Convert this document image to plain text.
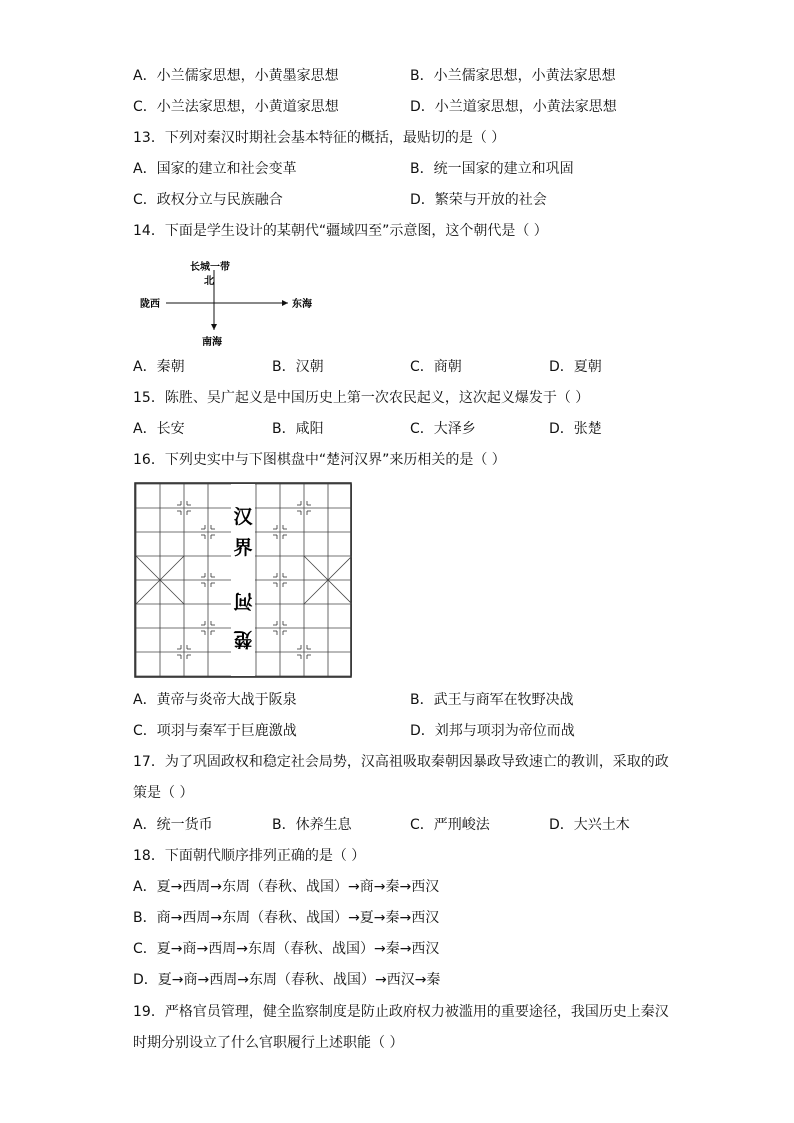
A．小兰儒家思想，小黄墨家思想	B．小兰儒家思想，小黄法家思想
C．小兰法家思想，小黄道家思想	D．小兰道家思想，小黄法家思想
13．下列对秦汉时期社会基本特征的概括，最贴切的是（ ）
A．国家的建立和社会变革	B．统一国家的建立和巩固
C．政权分立与民族融合	D．繁荣与开放的社会
14．下面是学生设计的某朝代“疆域四至”示意图，这个朝代是（ ）
长城一带
北
陇西	东海
南海
A．秦朝	B．汉朝	C．商朝	D．夏朝
15．陈胜、吴广起义是中国历史上第一次农民起义，这次起义爆发于（ ）
A．长安	B．咸阳	C．大泽乡	D．张楚
16．下列史实中与下图棋盘中“楚河汉界”来历相关的是（ ）
汉
界
河
楚
A．黄帝与炎帝大战于阪泉	B．武王与商军在牧野决战
C．项羽与秦军于巨鹿激战	D．刘邦与项羽为帝位而战
17．为了巩固政权和稳定社会局势，汉高祖吸取秦朝因暴政导致速亡的教训，采取的政
策是（ ）
A．统一货币	B．休养生息	C．严刑峻法	D．大兴土木
18．下面朝代顺序排列正确的是（ ）
A．夏→西周→东周（春秋、战国）→商→秦→西汉
B．商→西周→东周（春秋、战国）→夏→秦→西汉
C．夏→商→西周→东周（春秋、战国）→秦→西汉
D．夏→商→西周→东周（春秋、战国）→西汉→秦
19．严格官员管理，健全监察制度是防止政府权力被滥用的重要途径，我国历史上秦汉
时期分别设立了什么官职履行上述职能（ ）
